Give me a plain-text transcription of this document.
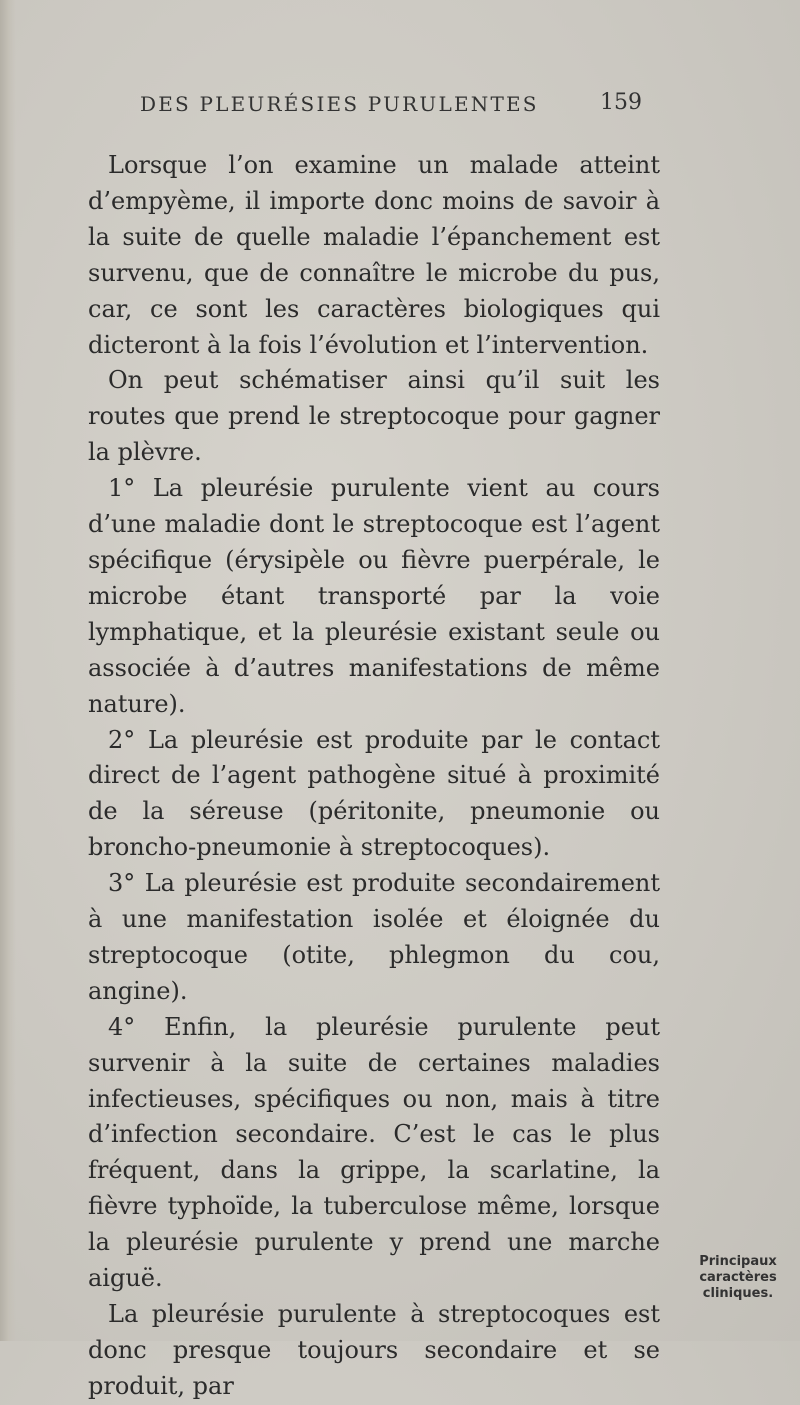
DES PLEURÉSIES PURULENTES	159

Lorsque l’on examine un malade atteint d’empyème, il importe donc moins de savoir à la suite de quelle maladie l’épanchement est survenu, que de connaître le microbe du pus, car, ce sont les caractères biologiques qui dicteront à la fois l’évolution et l’intervention.

On peut schématiser ainsi qu’il suit les routes que prend le streptocoque pour gagner la plèvre.

1° La pleurésie purulente vient au cours d’une maladie dont le streptocoque est l’agent spécifique (érysipèle ou fièvre puerpérale, le microbe étant transporté par la voie lymphatique, et la pleurésie existant seule ou associée à d’autres manifestations de même nature).

2° La pleurésie est produite par le contact direct de l’agent pathogène situé à proximité de la séreuse (péritonite, pneumonie ou broncho-pneumonie à streptocoques).

3° La pleurésie est produite secondairement à une manifestation isolée et éloignée du streptocoque (otite, phlegmon du cou, angine).

4° Enfin, la pleurésie purulente peut survenir à la suite de certaines maladies infectieuses, spécifiques ou non, mais à titre d’infection secondaire. C’est le cas le plus fréquent, dans la grippe, la scarlatine, la fièvre typhoïde, la tuberculose même, lorsque la pleurésie purulente y prend une marche aiguë.

La pleurésie purulente à streptocoques est donc presque toujours secondaire et se produit, par

Principaux
caractères
cliniques.
